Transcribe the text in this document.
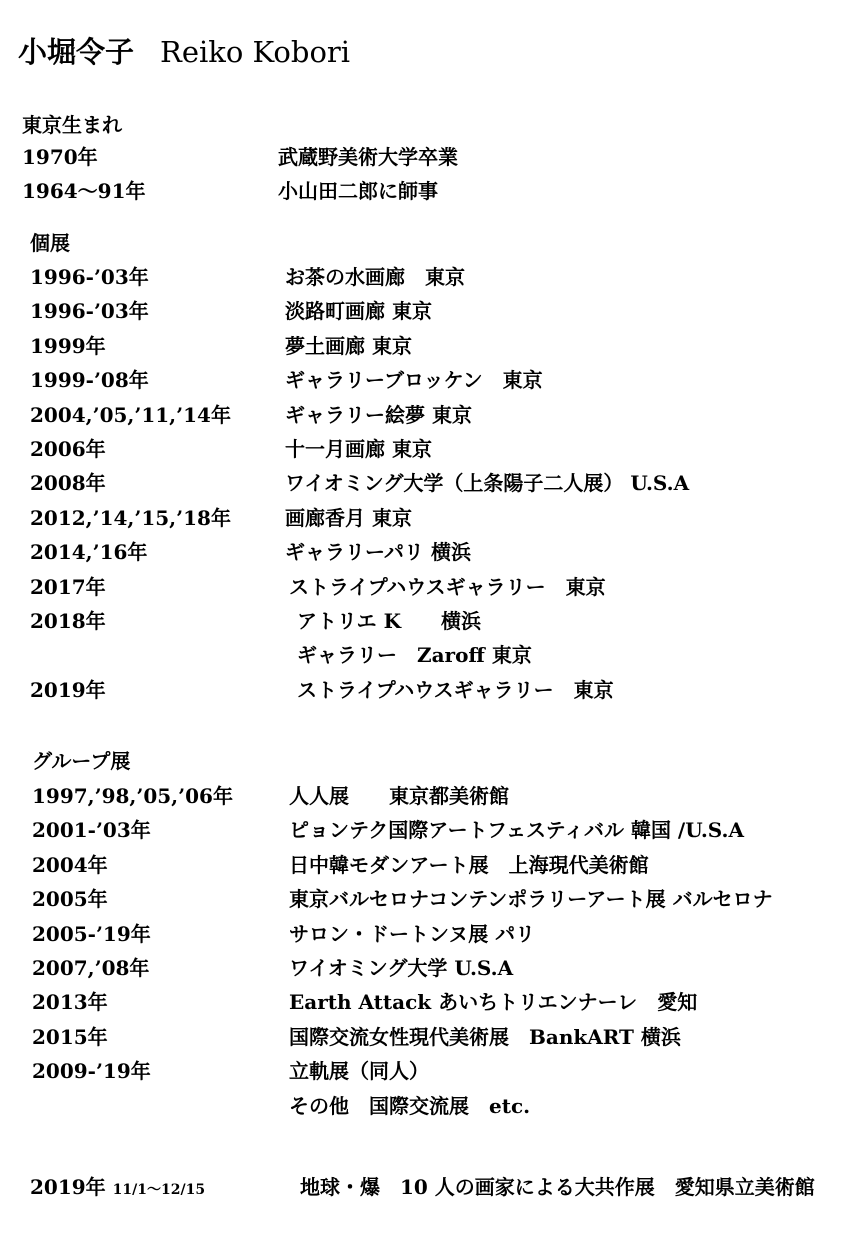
小堀令子 Reiko Kobori
東京生まれ
1970年	武蔵野美術大学卒業
1964～91年	小山田二郎に師事
個展
1996-’03年	お茶の水画廊　東京
1996-’03年	淡路町画廊 東京
1999年	夢土画廊 東京
1999-’08年	ギャラリーブロッケン　東京
2004,’05,’11,’14年	ギャラリー絵夢 東京
2006年	十一月画廊 東京
2008年	ワイオミング大学（上条陽子二人展） U.S.A
2012,’14,’15,’18年	画廊香月 東京
2014,’16年	ギャラリーパリ 横浜
2017年	ストライプハウスギャラリー　東京
2018年	アトリエ K　　横浜
ギャラリー　Zaroff 東京
2019年	ストライプハウスギャラリー　東京
グループ展
1997,’98,’05,’06年	人人展　　東京都美術館
2001-’03年	ピョンテク国際アートフェスティバル 韓国 /U.S.A
2004年	日中韓モダンアート展　上海現代美術館
2005年	東京バルセロナコンテンポラリーアート展 バルセロナ
2005-’19年	サロン・ドートンヌ展 パリ
2007,’08年	ワイオミング大学 U.S.A
2013年	Earth Attack あいちトリエンナーレ　愛知
2015年	国際交流女性現代美術展　BankART 横浜
2009-’19年	立軌展（同人）
その他　国際交流展　etc.
2019年 11/1～12/15	地球・爆　10 人の画家による大共作展　愛知県立美術館
